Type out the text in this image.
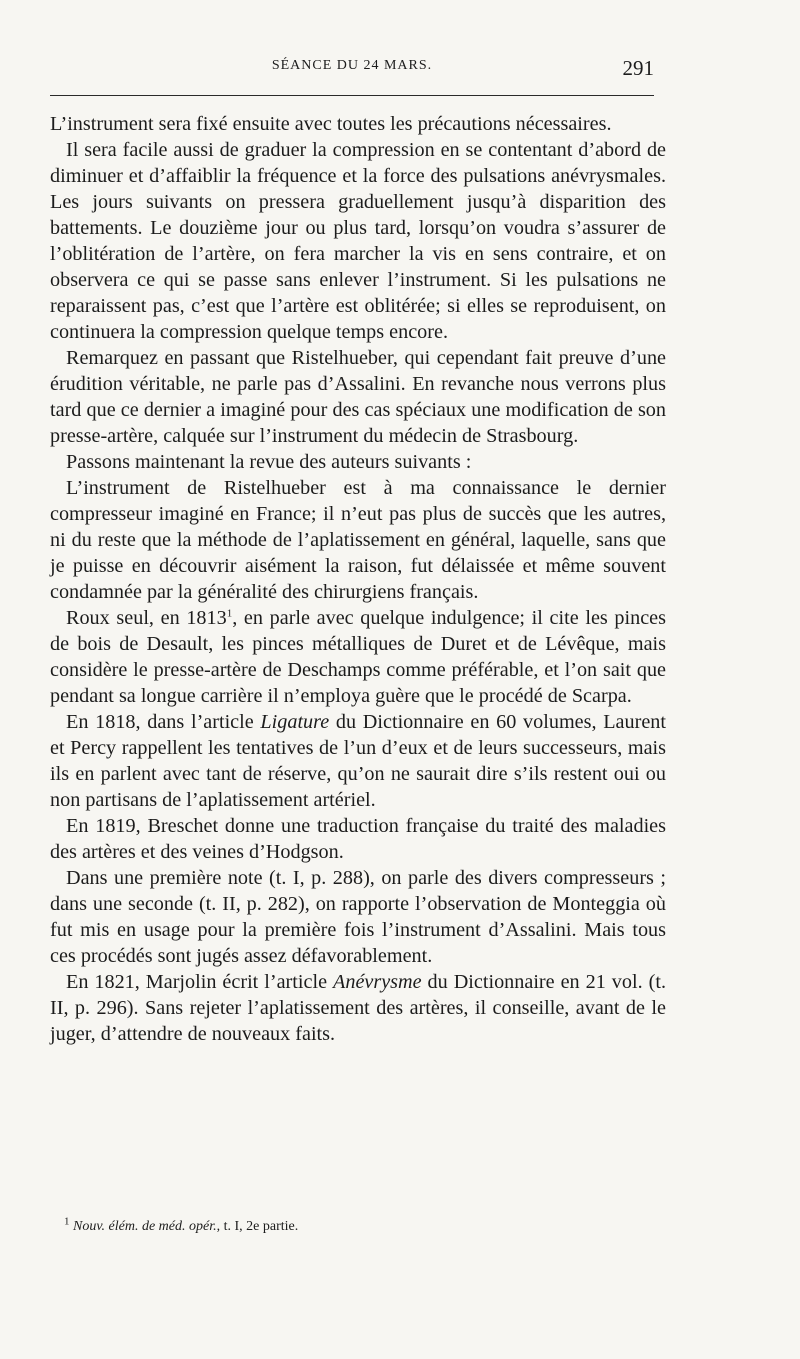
SÉANCE DU 24 MARS.	291

L’instrument sera fixé ensuite avec toutes les précautions nécessaires.

Il sera facile aussi de graduer la compression en se contentant d’abord de diminuer et d’affaiblir la fréquence et la force des pulsations anévrysmales. Les jours suivants on pressera graduellement jusqu’à disparition des battements. Le douzième jour ou plus tard, lorsqu’on voudra s’assurer de l’oblitération de l’artère, on fera marcher la vis en sens contraire, et on observera ce qui se passe sans enlever l’instrument. Si les pulsations ne reparaissent pas, c’est que l’artère est oblitérée; si elles se reproduisent, on continuera la compression quelque temps encore.

Remarquez en passant que Ristelhueber, qui cependant fait preuve d’une érudition véritable, ne parle pas d’Assalini. En revanche nous verrons plus tard que ce dernier a imaginé pour des cas spéciaux une modification de son presse-artère, calquée sur l’instrument du médecin de Strasbourg.

Passons maintenant la revue des auteurs suivants :

L’instrument de Ristelhueber est à ma connaissance le dernier compresseur imaginé en France; il n’eut pas plus de succès que les autres, ni du reste que la méthode de l’aplatissement en général, laquelle, sans que je puisse en découvrir aisément la raison, fut délaissée et même souvent condamnée par la généralité des chirurgiens français.

Roux seul, en 1813$^1$, en parle avec quelque indulgence; il cite les pinces de bois de Desault, les pinces métalliques de Duret et de Lévêque, mais considère le presse-artère de Deschamps comme préférable, et l’on sait que pendant sa longue carrière il n’employa guère que le procédé de Scarpa.

En 1818, dans l’article Ligature du Dictionnaire en 60 volumes, Laurent et Percy rappellent les tentatives de l’un d’eux et de leurs successeurs, mais ils en parlent avec tant de réserve, qu’on ne saurait dire s’ils restent oui ou non partisans de l’aplatissement artériel.

En 1819, Breschet donne une traduction française du traité des maladies des artères et des veines d’Hodgson.

Dans une première note (t. I, p. 288), on parle des divers compresseurs ; dans une seconde (t. II, p. 282), on rapporte l’observation de Monteggia où fut mis en usage pour la première fois l’instrument d’Assalini. Mais tous ces procédés sont jugés assez défavorablement.

En 1821, Marjolin écrit l’article Anévrysme du Dictionnaire en 21 vol. (t. II, p. 296). Sans rejeter l’aplatissement des artères, il conseille, avant de le juger, d’attendre de nouveaux faits.

$^1$ Nouv. élém. de méd. opér., t. I, 2e partie.
